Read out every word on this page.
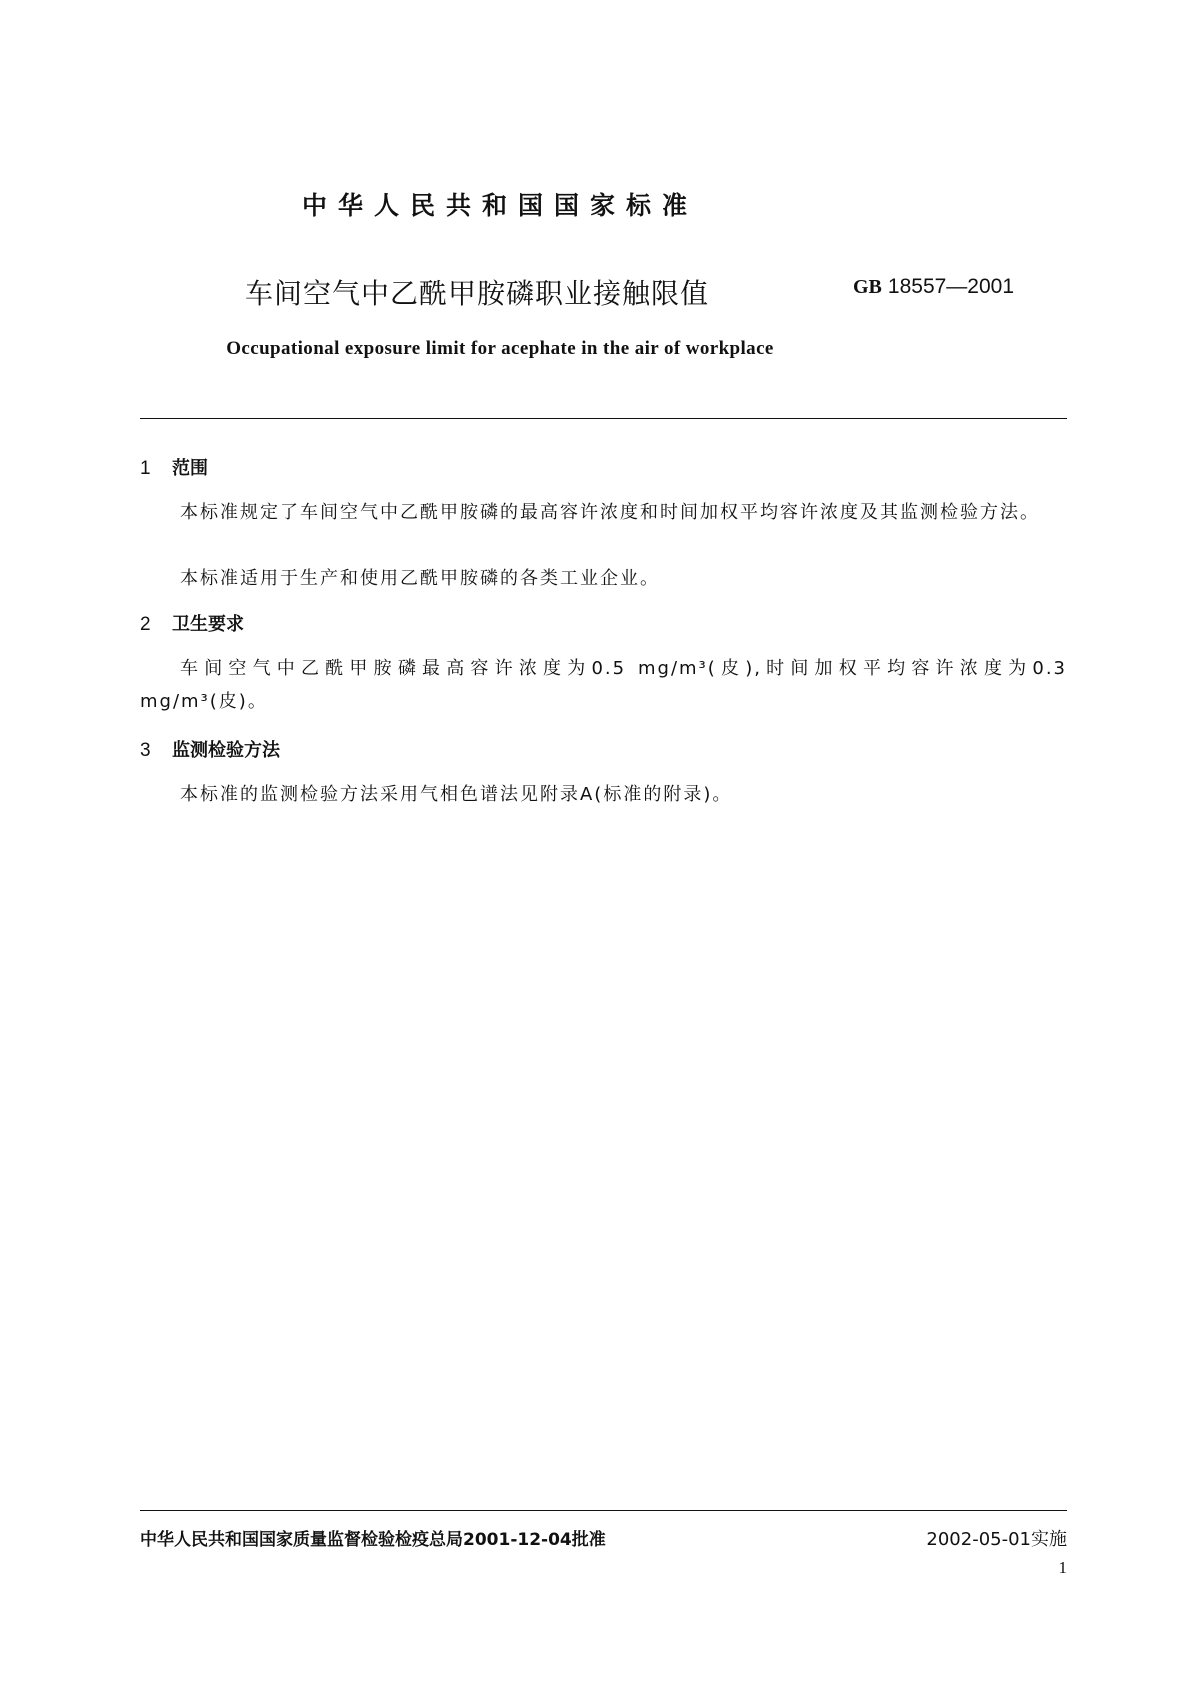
中华人民共和国国家标准
车间空气中乙酰甲胺磷职业接触限值	GB 18557—2001
Occupational exposure limit for acephate in the air of workplace
1 范围
本标准规定了车间空气中乙酰甲胺磷的最高容许浓度和时间加权平均容许浓度及其监测检验方法。
本标准适用于生产和使用乙酰甲胺磷的各类工业企业。
2 卫生要求
车间空气中乙酰甲胺磷最高容许浓度为0.5 mg/m³(皮),时间加权平均容许浓度为0.3 mg/m³(皮)。
3 监测检验方法
本标准的监测检验方法采用气相色谱法见附录A(标准的附录)。
中华人民共和国国家质量监督检验检疫总局2001-12-04批准	2002-05-01实施
1
